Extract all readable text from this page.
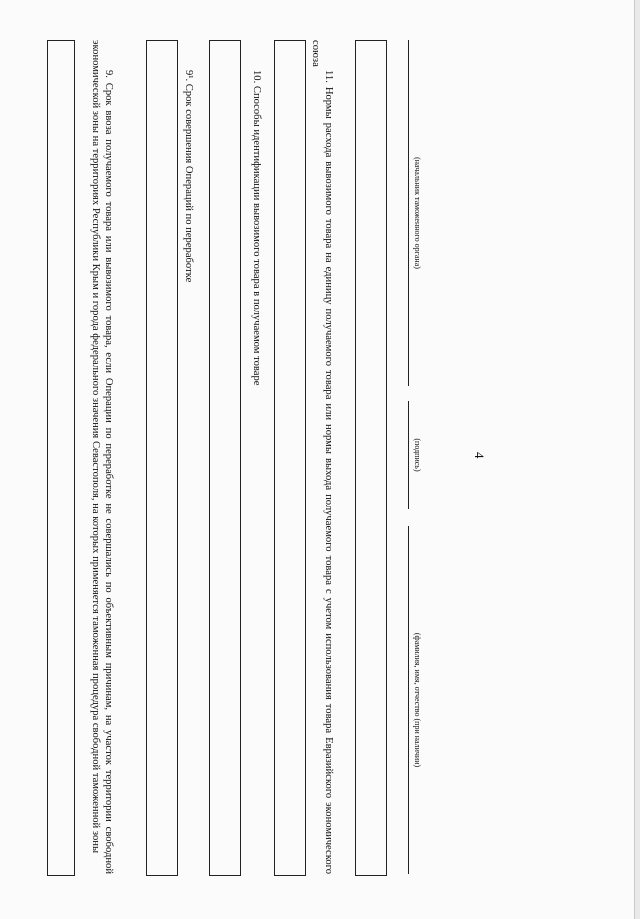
4
9. Срок ввоза получаемого товара или вывозимого товара, если Операции по переработке не совершались по объективным причинам, на участок территории свободной экономической зоны на территориях Республики Крым и города федерального значения Севастополя, на которых применяется таможенная процедура свободной таможенной зоны	9¹. Срок совершения Операций по переработке	10. Способы идентификации вывозимого товара в получаемом товаре	11. Нормы расхода вывозимого товара на единицу получаемого товара или нормы выхода получаемого товара с учетом использования товара Евразийского экономического союза
(начальник таможенного органа)
(подпись)
(фамилия, имя, отчество (при наличии)
